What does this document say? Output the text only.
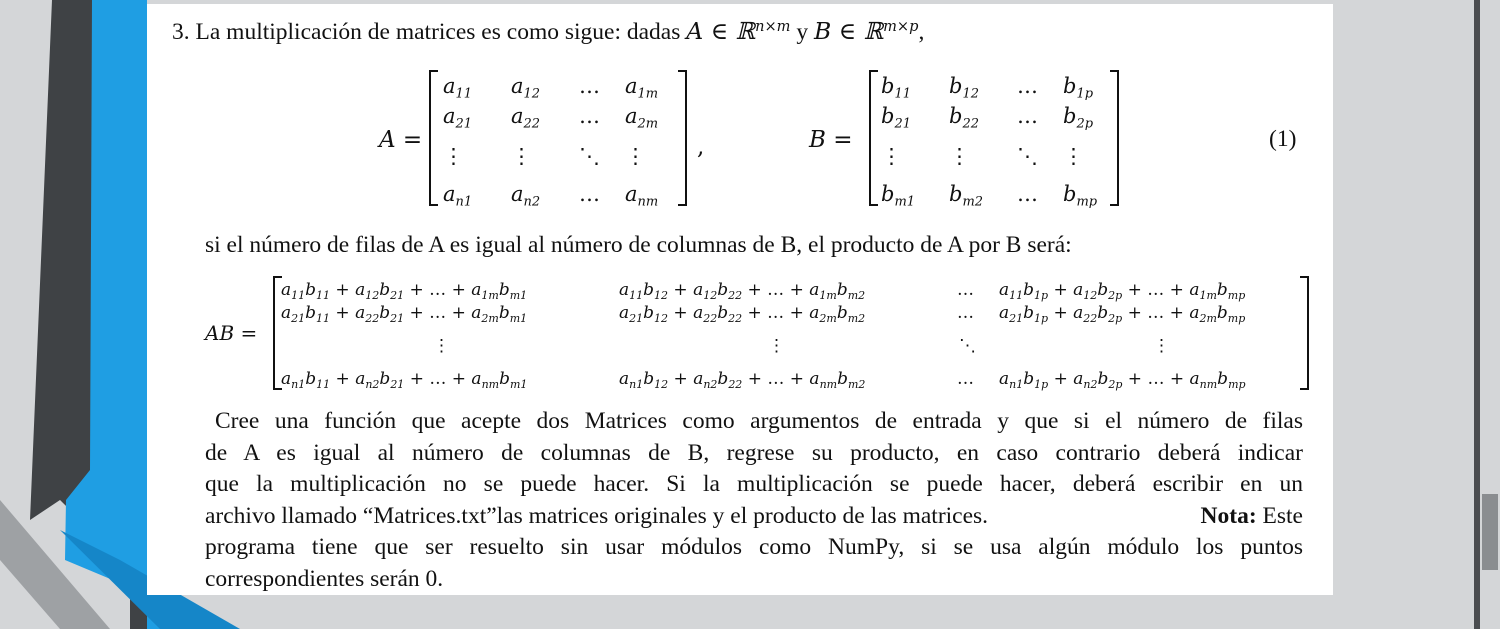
3. La multiplicación de matrices es como sigue: dadas A ∈ ℝ$^{n\times m}$ y B ∈ ℝ$^{m\times p}$,
A =
$a_{11}$ $a_{12}$ … $a_{1m}$
$a_{21}$ $a_{22}$ … $a_{2m}$
⋮ ⋮ ⋱ ⋮
$a_{n1}$ $a_{n2}$ … $a_{nm}$
,	B =
$b_{11}$ $b_{12}$ … $b_{1p}$
$b_{21}$ $b_{22}$ … $b_{2p}$
⋮ ⋮ ⋱ ⋮
$b_{m1}$ $b_{m2}$ … $b_{mp}$
(1)
si el número de filas de A es igual al número de columnas de B, el producto de A por B será:
AB =
$a_{11}b_{11} + a_{12}b_{21}$ + … + $a_{1m}b_{m1}$	$a_{11}b_{12} + a_{12}b_{22}$ + … + $a_{1m}b_{m2}$	… $a_{11}b_{1p} + a_{12}b_{2p}$ + … + $a_{1m}b_{mp}$
$a_{21}b_{11} + a_{22}b_{21}$ + … + $a_{2m}b_{m1}$	$a_{21}b_{12} + a_{22}b_{22}$ + … + $a_{2m}b_{m2}$	… $a_{21}b_{1p} + a_{22}b_{2p}$ + … + $a_{2m}b_{mp}$
⋮	⋮	⋱	⋮
$a_{n1}b_{11} + a_{n2}b_{21}$ + … + $a_{nm}b_{m1}$	$a_{n1}b_{12} + a_{n2}b_{22}$ + … + $a_{nm}b_{m2}$	… $a_{n1}b_{1p} + a_{n2}b_{2p}$ + … + $a_{nm}b_{mp}$
Cree una función que acepte dos Matrices como argumentos de entrada y que si el número de filas
de A es igual al número de columnas de B, regrese su producto, en caso contrario deberá indicar
que la multiplicación no se puede hacer. Si la multiplicación se puede hacer, deberá escribir en un
archivo llamado “Matrices.txt”las matrices originales y el producto de las matrices.	Nota: Este
programa tiene que ser resuelto sin usar módulos como NumPy, si se usa algún módulo los puntos
correspondientes serán 0.
